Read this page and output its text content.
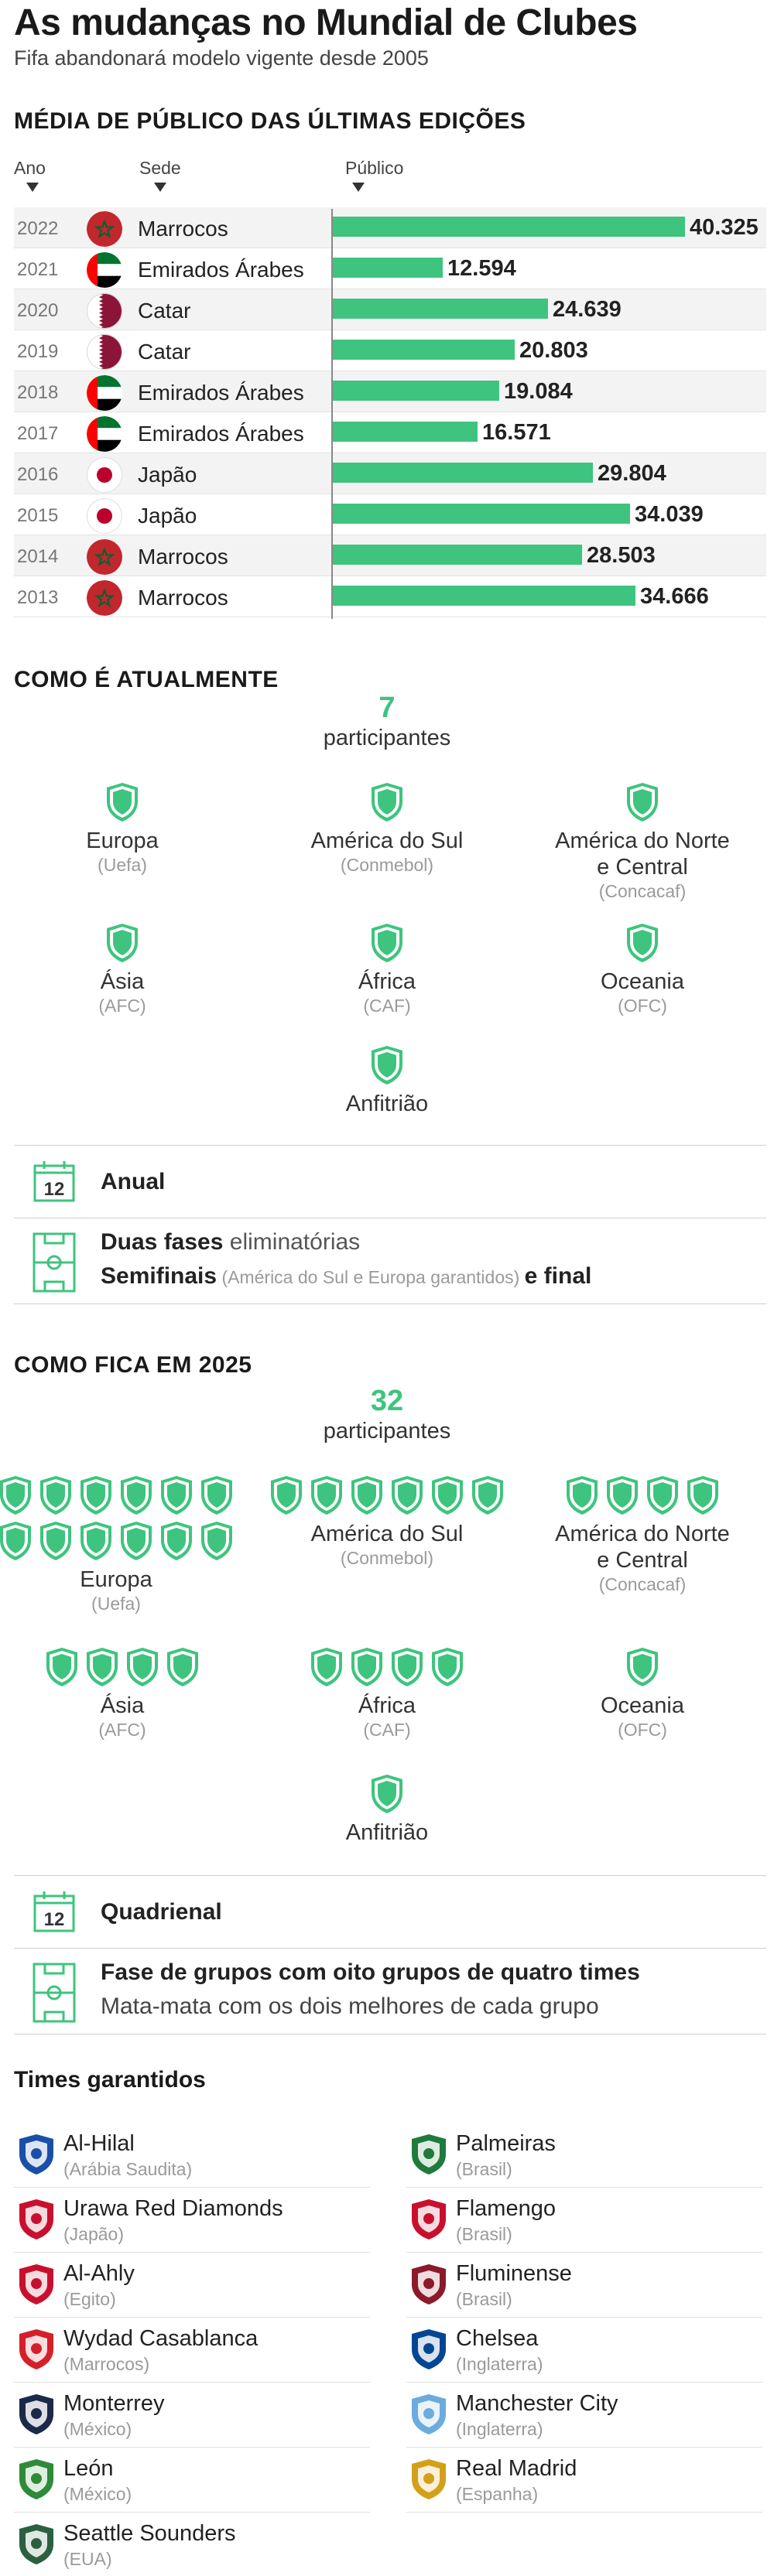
As mudanças no Mundial de Clubes
Fifa abandonará modelo vigente desde 2005
MÉDIA DE PÚBLICO DAS ÚLTIMAS EDIÇÕES
Ano	Sede	Público
2022	Marrocos	40.325
2021	Emirados Árabes	12.594
2020	Catar	24.639
2019	Catar	20.803
2018	Emirados Árabes	19.084
2017	Emirados Árabes	16.571
2016	Japão	29.804
2015	Japão	34.039
2014	Marrocos	28.503
2013	Marrocos	34.666
COMO É ATUALMENTE
7
participantes
Europa
(Uefa)
América do Sul
(Conmebol)
América do Norte
e Central
(Concacaf)
Ásia
(AFC)
África
(CAF)
Oceania
(OFC)
Anfitrião
12 Anual
Duas fases eliminatórias
Semifinais (América do Sul e Europa garantidos) e final
COMO FICA EM 2025
32
participantes
Europa
(Uefa)
América do Sul
(Conmebol)
América do Norte
e Central
(Concacaf)
Ásia
(AFC)
África
(CAF)
Oceania
(OFC)
Anfitrião
12 Quadrienal
Fase de grupos com oito grupos de quatro times
Mata-mata com os dois melhores de cada grupo
Times garantidos
Al-Hilal
(Arábia Saudita)
Urawa Red Diamonds
(Japão)
Al-Ahly
(Egito)
Wydad Casablanca
(Marrocos)
Monterrey
(México)
León
(México)
Seattle Sounders
(EUA)
Palmeiras
(Brasil)
Flamengo
(Brasil)
Fluminense
(Brasil)
Chelsea
(Inglaterra)
Manchester City
(Inglaterra)
Real Madrid
(Espanha)
